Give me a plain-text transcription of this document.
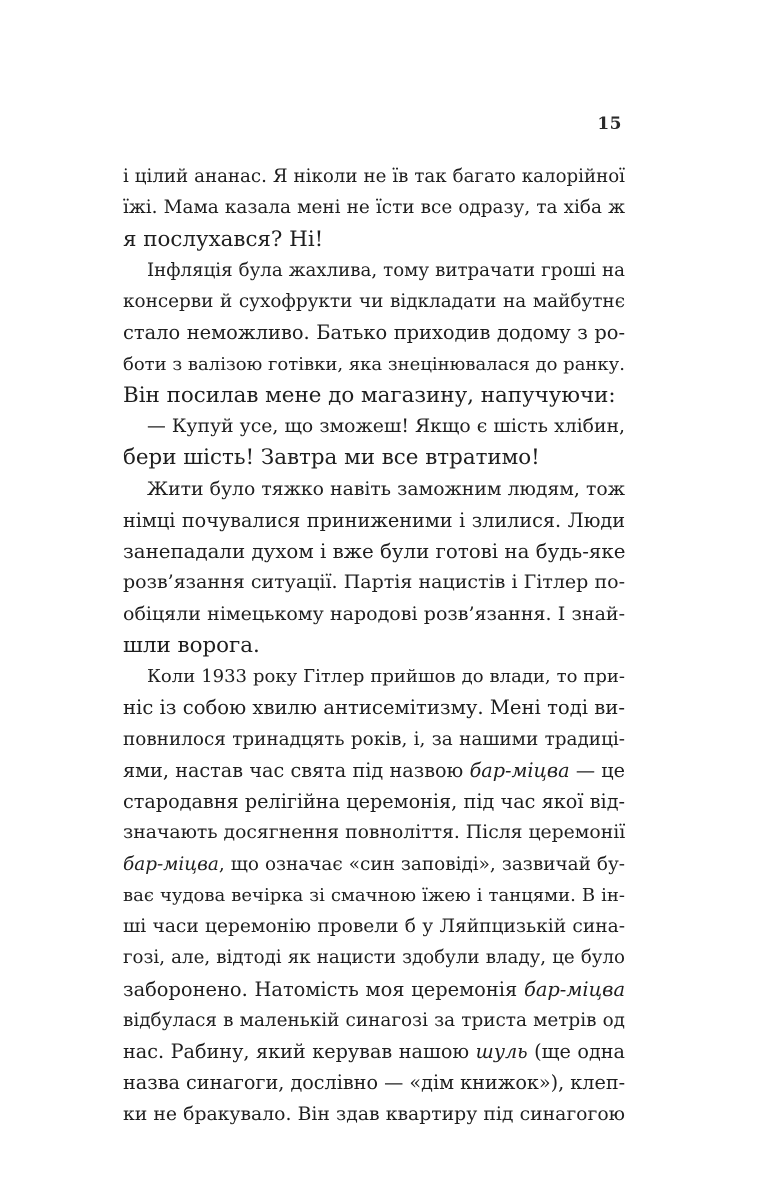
15
і цілий ананас. Я ніколи не їв так багато калорійної
їжі. Мама казала мені не їсти все одразу, та хіба ж
я послухався? Ні!
Інфляція була жахлива, тому витрачати гроші на
консерви й сухофрукти чи відкладати на майбутнє
стало неможливо. Батько приходив додому з ро-
боти з валізою готівки, яка знецінювалася до ранку.
Він посилав мене до магазину, напучуючи:
— Купуй усе, що зможеш! Якщо є шість хлібин,
бери шість! Завтра ми все втратимо!
Жити було тяжко навіть заможним людям, тож
німці почувалися приниженими і злилися. Люди
занепадали духом і вже були готові на будь-яке
розв’язання ситуації. Партія нацистів і Гітлер по-
обіцяли німецькому народові розв’язання. І знай-
шли ворога.
Коли 1933 року Гітлер прийшов до влади, то при-
ніс із собою хвилю антисемітизму. Мені тоді ви-
повнилося тринадцять років, і, за нашими традиці-
ями, настав час свята під назвою бар-міцва — це
стародавня релігійна церемонія, під час якої від-
значають досягнення повноліття. Після церемонії
бар-міцва, що означає «син заповіді», зазвичай бу-
ває чудова вечірка зі смачною їжею і танцями. В ін-
ші часи церемонію провели б у Ляйпцизькій сина-
гозі, але, відтоді як нацисти здобули владу, це було
заборонено. Натомість моя церемонія бар-міцва
відбулася в маленькій синагозі за триста метрів од
нас. Рабину, який керував нашою шуль (ще одна
назва синагоги, дослівно — «дім книжок»), клеп-
ки не бракувало. Він здав квартиру під синагогою
